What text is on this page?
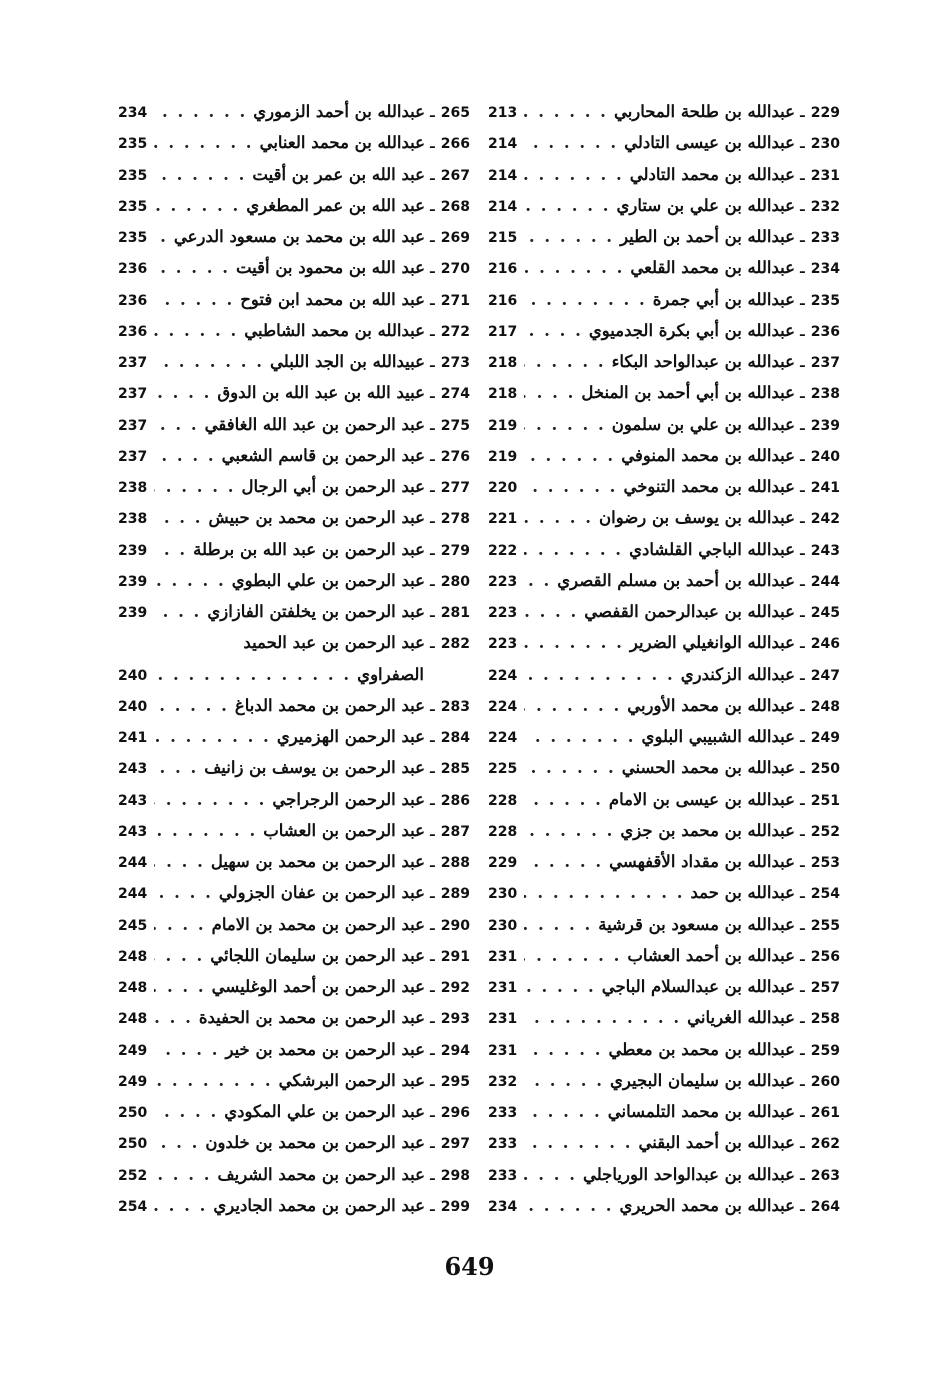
229
ـ
عبدالله بن طلحة المحاربي
. . .
213
230
ـ
عبدالله بن عيسى التادلي
. . .
214
231
ـ
عبدالله بن محمد التادلي
. . .
214
232
ـ
عبدالله بن علي بن ستاري
. . .
214
233
ـ
عبدالله بن أحمد بن الطير
. . .
215
234
ـ
عبدالله بن محمد القلعي
. . .
216
235
ـ
عبدالله بن أبي جمرة
. . .
216
236
ـ
عبدالله بن أبي بكرة الجدميوي
. . .
217
237
ـ
عبدالله بن عبدالواحد البكاء
. . .
218
238
ـ
عبدالله بن أبي أحمد بن المنخل
. . .
218
239
ـ
عبدالله بن علي بن سلمون
. . .
219
240
ـ
عبدالله بن محمد المنوفي
. . .
219
241
ـ
عبدالله بن محمد التنوخي
. . .
220
242
ـ
عبدالله بن يوسف بن رضوان
. . .
221
243
ـ
عبدالله الباجي القلشادي
. . .
222
244
ـ
عبدالله بن أحمد بن مسلم القصري
. . .
223
245
ـ
عبدالله بن عبدالرحمن القفصي
. . .
223
246
ـ
عبدالله الوانغيلي الضرير
. . .
223
247
ـ
عبدالله الزكندري
. . .
224
248
ـ
عبدالله بن محمد الأوربي
. . .
224
249
ـ
عبدالله الشبيبي البلوي
. . .
224
250
ـ
عبدالله بن محمد الحسني
. . .
225
251
ـ
عبدالله بن عيسى بن الامام
. . .
228
252
ـ
عبدالله بن محمد بن جزي
. . .
228
253
ـ
عبدالله بن مقداد الأقفهسي
. . .
229
254
ـ
عبدالله بن حمد
. . .
230
255
ـ
عبدالله بن مسعود بن قرشية
. . .
230
256
ـ
عبدالله بن أحمد العشاب
. . .
231
257
ـ
عبدالله بن عبدالسلام الباجي
. . .
231
258
ـ
عبدالله الغرياني
. . .
231
259
ـ
عبدالله بن محمد بن معطي
. . .
231
260
ـ
عبدالله بن سليمان البجيري
. . .
232
261
ـ
عبدالله بن محمد التلمساني
. . .
233
262
ـ
عبدالله بن أحمد البقني
. . .
233
263
ـ
عبدالله بن عبدالواحد الورياجلي
. . .
233
264
ـ
عبدالله بن محمد الحريري
. . .
234
265
ـ
عبدالله بن أحمد الزموري
. . .
234
266
ـ
عبدالله بن محمد العنابي
. . .
235
267
ـ
عبد الله بن عمر بن أقيت
. . .
235
268
ـ
عبد الله بن عمر المطغري
. . .
235
269
ـ
عبد الله بن محمد بن مسعود الدرعي
. . .
235
270
ـ
عبد الله بن محمود بن أقيت
. . .
236
271
ـ
عبد الله بن محمد ابن فتوح
. . .
236
272
ـ
عبدالله بن محمد الشاطبي
. . .
236
273
ـ
عبيدالله بن الجد اللبلي
. . .
237
274
ـ
عبيد الله بن عبد الله بن الدوق
. . .
237
275
ـ
عبد الرحمن بن عبد الله الغافقي
. . .
237
276
ـ
عبد الرحمن بن قاسم الشعبي
. . .
237
277
ـ
عبد الرحمن بن أبي الرجال
. . .
238
278
ـ
عبد الرحمن بن محمد بن حبيش
. . .
238
279
ـ
عبد الرحمن بن عبد الله بن برطلة
. . .
239
280
ـ
عبد الرحمن بن علي البطوي
. . .
239
281
ـ
عبد الرحمن بن يخلفتن الفازازي
. . .
239
282
ـ
عبد الرحمن بن عبد الحميد
الصفراوي
. . .
240
283
ـ
عبد الرحمن بن محمد الدباغ
. . .
240
284
ـ
عبد الرحمن الهزميري
. . .
241
285
ـ
عبد الرحمن بن يوسف بن زانيف
. . .
243
286
ـ
عبد الرحمن الرجراجي
. . .
243
287
ـ
عبد الرحمن بن العشاب
. . .
243
288
ـ
عبد الرحمن بن محمد بن سهيل
. . .
244
289
ـ
عبد الرحمن بن عفان الجزولي
. . .
244
290
ـ
عبد الرحمن بن محمد بن الامام
. . .
245
291
ـ
عبد الرحمن بن سليمان اللجائي
. . .
248
292
ـ
عبد الرحمن بن أحمد الوغليسي
. . .
248
293
ـ
عبد الرحمن بن محمد بن الحفيدة
. . .
248
294
ـ
عبد الرحمن بن محمد بن خير
. . .
249
295
ـ
عبد الرحمن البرشكي
. . .
249
296
ـ
عبد الرحمن بن علي المكودي
. . .
250
297
ـ
عبد الرحمن بن محمد بن خلدون
. . .
250
298
ـ
عبد الرحمن بن محمد الشريف
. . .
252
299
ـ
عبد الرحمن بن محمد الجاديري
. . .
254
649
